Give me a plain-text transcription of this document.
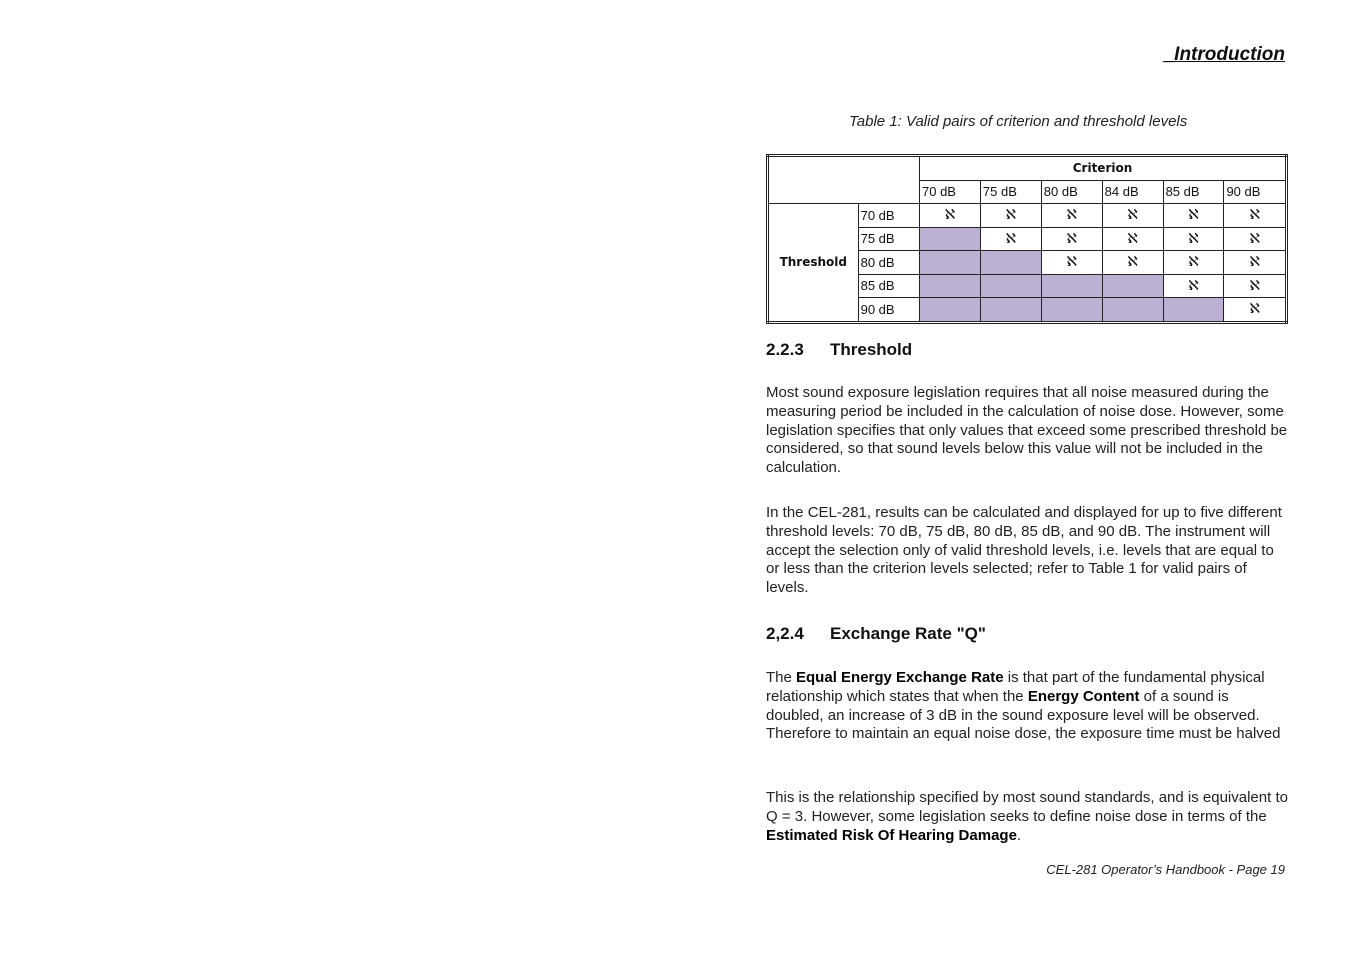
_Introduction
Table 1: Valid pairs of criterion and threshold levels
		Criterion					
		70 dB	75 dB	80 dB	84 dB	85 dB	90 dB
Threshold	70 dB	ℵ	ℵ	ℵ	ℵ	ℵ	ℵ
	75 dB		ℵ	ℵ	ℵ	ℵ	ℵ
	80 dB			ℵ	ℵ	ℵ	ℵ
	85 dB					ℵ	ℵ
	90 dB						ℵ
2.2.3 Threshold

Most sound exposure legislation requires that all noise measured during the measuring period be included in the calculation of noise dose. However, some legislation specifies that only values that exceed some prescribed threshold be considered, so that sound levels below this value will not be included in the calculation.

In the CEL-281, results can be calculated and displayed for up to five different threshold levels: 70 dB, 75 dB, 80 dB, 85 dB, and 90 dB. The instrument will accept the selection only of valid threshold levels, i.e. levels that are equal to or less than the criterion levels selected; refer to Table 1 for valid pairs of levels.

2,2.4 Exchange Rate "Q"

The Equal Energy Exchange Rate is that part of the fundamental physical relationship which states that when the Energy Content of a sound is doubled, an increase of 3 dB in the sound exposure level will be observed. Therefore to maintain an equal noise dose, the exposure time must be halved

This is the relationship specified by most sound standards, and is equivalent to Q = 3. However, some legislation seeks to define noise dose in terms of the Estimated Risk Of Hearing Damage.

CEL-281 Operator’s Handbook - Page 19
